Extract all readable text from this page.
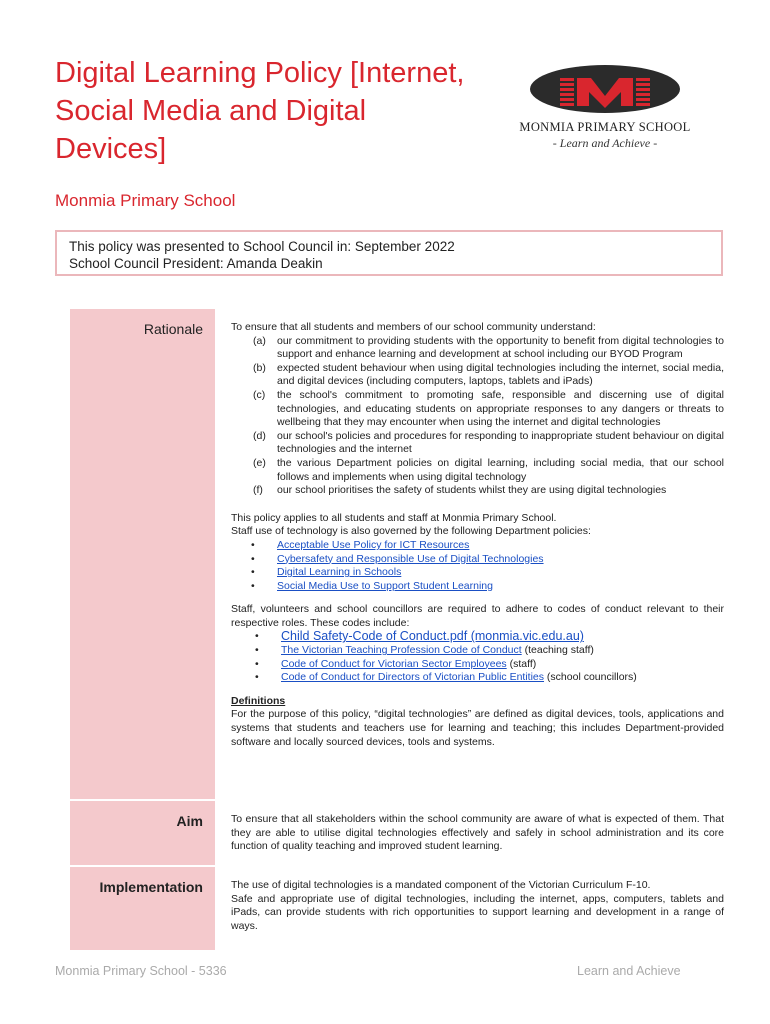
Digital Learning Policy [Internet,
Social Media and Digital
Devices]
MONMIA PRIMARY SCHOOL
- Learn and Achieve -
Monmia Primary School
This policy was presented to School Council in: September 2022
School Council President: Amanda Deakin
Rationale	To ensure that all students and members of our school community understand:

(a)	our commitment to providing students with the opportunity to benefit from digital technologies to support and enhance learning and development at school including our BYOD Program
(b)	expected student behaviour when using digital technologies including the internet, social media, and digital devices (including computers, laptops, tablets and iPads)
(c)	the school's commitment to promoting safe, responsible and discerning use of digital technologies, and educating students on appropriate responses to any dangers or threats to wellbeing that they may encounter when using the internet and digital technologies
(d)	our school's policies and procedures for responding to inappropriate student behaviour on digital technologies and the internet
(e)	the various Department policies on digital learning, including social media, that our school follows and implements when using digital technology
(f)	our school prioritises the safety of students whilst they are using digital technologies

This policy applies to all students and staff at Monmia Primary School.

Staff use of technology is also governed by the following Department policies:

•	Acceptable Use Policy for ICT Resources
•	Cybersafety and Responsible Use of Digital Technologies
•	Digital Learning in Schools
•	Social Media Use to Support Student Learning

Staff, volunteers and school councillors are required to adhere to codes of conduct relevant to their respective roles. These codes include:

•	Child Safety-Code of Conduct.pdf (monmia.vic.edu.au)
•	The Victorian Teaching Profession Code of Conduct (teaching staff)
•	Code of Conduct for Victorian Sector Employees (staff)
•	Code of Conduct for Directors of Victorian Public Entities (school councillors)

Definitions

For the purpose of this policy, “digital technologies” are defined as digital devices, tools, applications and systems that students and teachers use for learning and teaching; this includes Department-provided software and locally sourced devices, tools and systems.

Aim	To ensure that all stakeholders within the school community are aware of what is expected of them. That they are able to utilise digital technologies effectively and safely in school administration and its core function of quality teaching and improved student learning.
Implementation	The use of digital technologies is a mandated component of the Victorian Curriculum F-10.

Safe and appropriate use of digital technologies, including the internet, apps, computers, tablets and iPads, can provide students with rich opportunities to support learning and development in a range of ways.

Monmia Primary School - 5336	Learn and Achieve
